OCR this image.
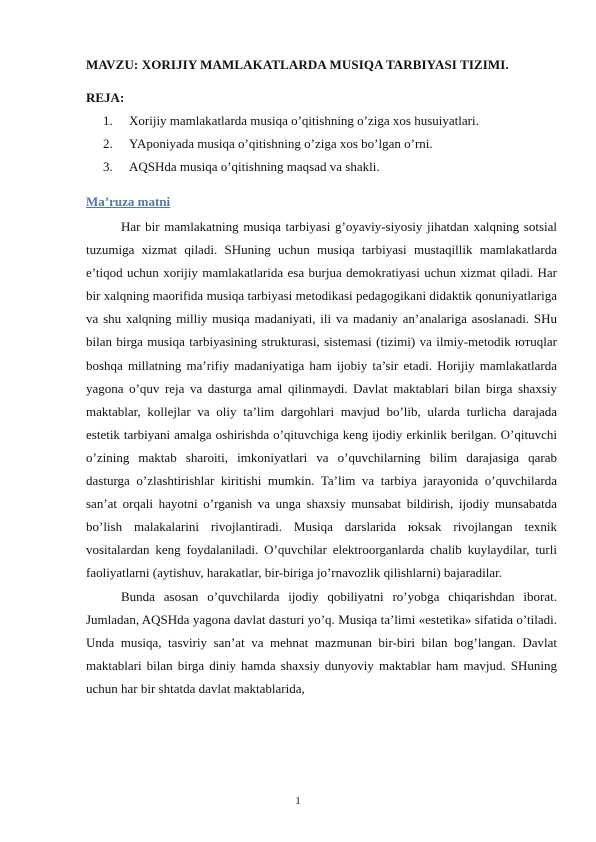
MAVZU: XORIJIY MAMLAKATLARDA MUSIQA TARBIYASI TIZIMI.
REJA:
1. Xorijiy mamlakatlarda musiqa o’qitishning o’ziga xos husuiyatlari.
2. YAponiyada musiqa o’qitishning o’ziga xos bo’lgan o’rni.
3. AQSHda musiqa o’qitishning maqsad va shakli.
Ma’ruza matni

Har bir mamlakatning musiqa tarbiyasi g’oyaviy-siyosiy jihatdan xalqning sotsial tuzumiga xizmat qiladi. SHuning uchun musiqa tarbiyasi mustaqillik mamlakatlarda e’tiqod uchun xorijiy mamlakatlarida esa burjua demokratiyasi uchun xizmat qiladi. Har bir xalqning maorifida musiqa tarbiyasi metodikasi pedagogikani didaktik qonuniyatlariga va shu xalqning milliy musiqa madaniyati, ili va madaniy an’analariga asoslanadi. SHu bilan birga musiqa tarbiyasining strukturasi, sistemasi (tizimi) va ilmiy-metodik ютuqlar boshqa millatning ma’rifiy madaniyatiga ham ijobiy ta’sir etadi. Horijiy mamlakatlarda yagona o’quv reja va dasturga amal qilinmaydi. Davlat maktablari bilan birga shaxsiy maktablar, kollejlar va oliy ta’lim dargohlari mavjud bo’lib, ularda turlicha darajada estetik tarbiyani amalga oshirishda o’qituvchiga keng ijodiy erkinlik berilgan. O’qituvchi o’zining maktab sharoiti, imkoniyatlari va o’quvchilarning bilim darajasiga qarab dasturga o’zlashtirishlar kiritishi mumkin. Ta’lim va tarbiya jarayonida o’quvchilarda san’at orqali hayotni o’rganish va unga shaxsiy munsabat bildirish, ijodiy munsabatda bo’lish malakalarini rivojlantiradi. Musiqa darslarida юksak rivojlangan texnik vositalardan keng foydalaniladi. O’quvchilar elektroorganlarda chalib kuylaydilar, turli faoliyatlarni (aytishuv, harakatlar, bir-biriga jo’rnavozlik qilishlarni) bajaradilar.

Bunda asosan o’quvchilarda ijodiy qobiliyatni ro’yobga chiqarishdan iborat. Jumladan, AQSHda yagona davlat dasturi yo’q. Musiqa ta’limi «estetika» sifatida o’tiladi. Unda musiqa, tasviriy san’at va mehnat mazmunan bir-biri bilan bog’langan. Davlat maktablari bilan birga diniy hamda shaxsiy dunyoviy maktablar ham mavjud. SHuning uchun har bir shtatda davlat maktablarida,

1
